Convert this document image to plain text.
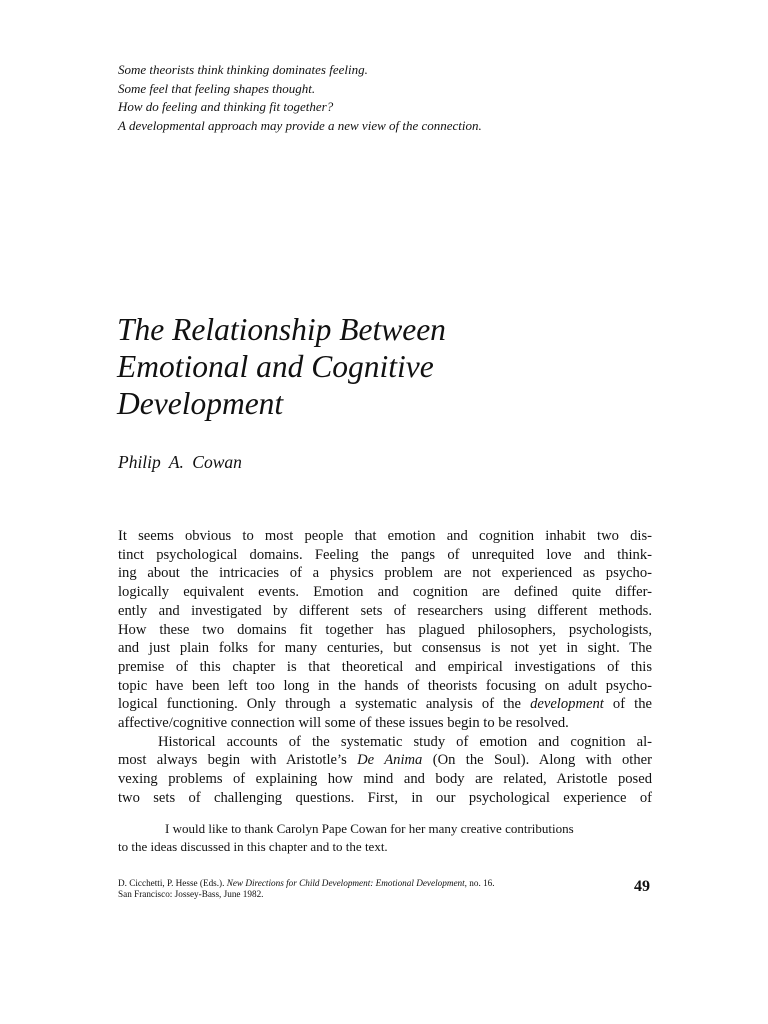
Some theorists think thinking dominates feeling.
Some feel that feeling shapes thought.
How do feeling and thinking fit together?
A developmental approach may provide a new view of the connection.
The Relationship Between
Emotional and Cognitive
Development
Philip A. Cowan

It seems obvious to most people that emotion and cognition inhabit two dis-
tinct psychological domains. Feeling the pangs of unrequited love and think-
ing about the intricacies of a physics problem are not experienced as psycho-
logically equivalent events. Emotion and cognition are defined quite differ-
ently and investigated by different sets of researchers using different methods.
How these two domains fit together has plagued philosophers, psychologists,
and just plain folks for many centuries, but consensus is not yet in sight. The
premise of this chapter is that theoretical and empirical investigations of this
topic have been left too long in the hands of theorists focusing on adult psycho-
logical functioning. Only through a systematic analysis of the development of the
affective/cognitive connection will some of these issues begin to be resolved.

Historical accounts of the systematic study of emotion and cognition al-
most always begin with Aristotle’s De Anima (On the Soul). Along with other
vexing problems of explaining how mind and body are related, Aristotle posed
two sets of challenging questions. First, in our psychological experience of

I would like to thank Carolyn Pape Cowan for her many creative contributions
to the ideas discussed in this chapter and to the text.
D. Cicchetti, P. Hesse (Eds.). New Directions for Child Development: Emotional Development, no. 16.
San Francisco: Jossey-Bass, June 1982.	49
